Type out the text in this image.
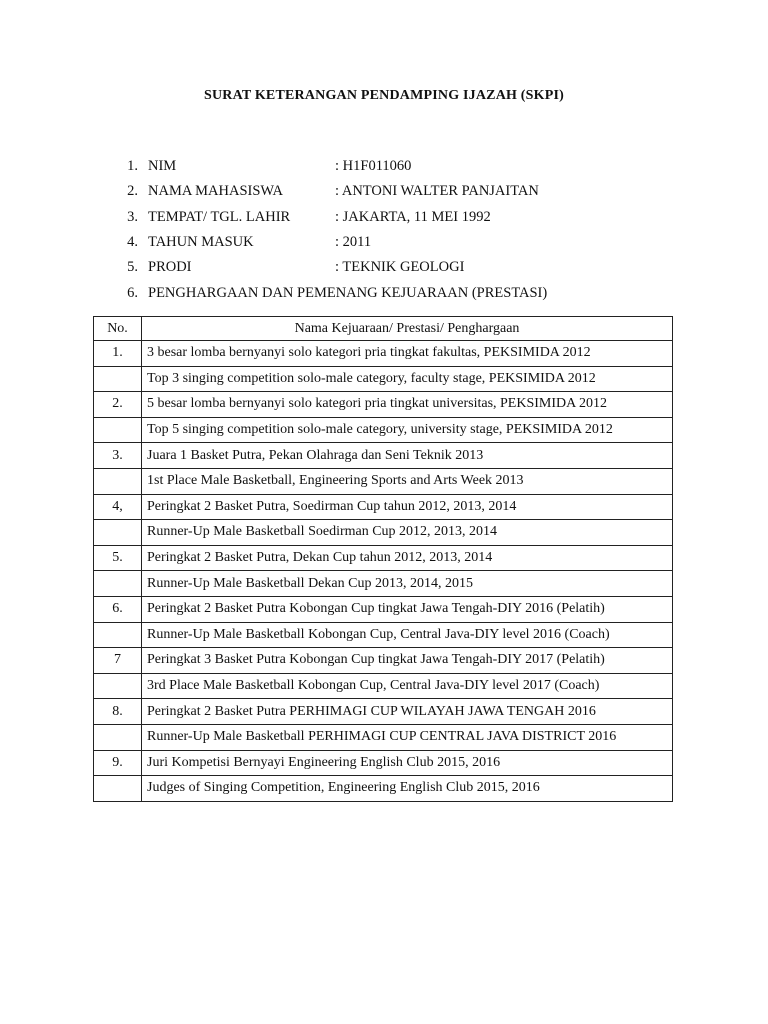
SURAT KETERANGAN PENDAMPING IJAZAH (SKPI)
1. NIM	: H1F011060
2. NAMA MAHASISWA	: ANTONI WALTER PANJAITAN
3. TEMPAT/ TGL. LAHIR	: JAKARTA, 11 MEI 1992
4. TAHUN MASUK	: 2011
5. PRODI	: TEKNIK GEOLOGI
6. PENGHARGAAN DAN PEMENANG KEJUARAAN (PRESTASI)
No.	Nama Kejuaraan/ Prestasi/ Penghargaan
1.	3 besar lomba bernyanyi solo kategori pria tingkat fakultas, PEKSIMIDA 2012
	Top 3 singing competition solo-male category, faculty stage, PEKSIMIDA 2012
2.	5 besar lomba bernyanyi solo kategori pria tingkat universitas, PEKSIMIDA 2012
	Top 5 singing competition solo-male category, university stage, PEKSIMIDA 2012
3.	Juara 1 Basket Putra, Pekan Olahraga dan Seni Teknik 2013
	1st Place Male Basketball, Engineering Sports and Arts Week 2013
4,	Peringkat 2 Basket Putra, Soedirman Cup tahun 2012, 2013, 2014
	Runner-Up Male Basketball Soedirman Cup 2012, 2013, 2014
5.	Peringkat 2 Basket Putra, Dekan Cup tahun 2012, 2013, 2014
	Runner-Up Male Basketball Dekan Cup 2013, 2014, 2015
6.	Peringkat 2 Basket Putra Kobongan Cup tingkat Jawa Tengah-DIY 2016 (Pelatih)
	Runner-Up Male Basketball Kobongan Cup, Central Java-DIY level 2016 (Coach)
7	Peringkat 3 Basket Putra Kobongan Cup tingkat Jawa Tengah-DIY 2017 (Pelatih)
	3rd Place Male Basketball Kobongan Cup, Central Java-DIY level 2017 (Coach)
8.	Peringkat 2 Basket Putra PERHIMAGI CUP WILAYAH JAWA TENGAH 2016
	Runner-Up Male Basketball PERHIMAGI CUP CENTRAL JAVA DISTRICT 2016
9.	Juri Kompetisi Bernyayi Engineering English Club 2015, 2016
	Judges of Singing Competition, Engineering English Club 2015, 2016
